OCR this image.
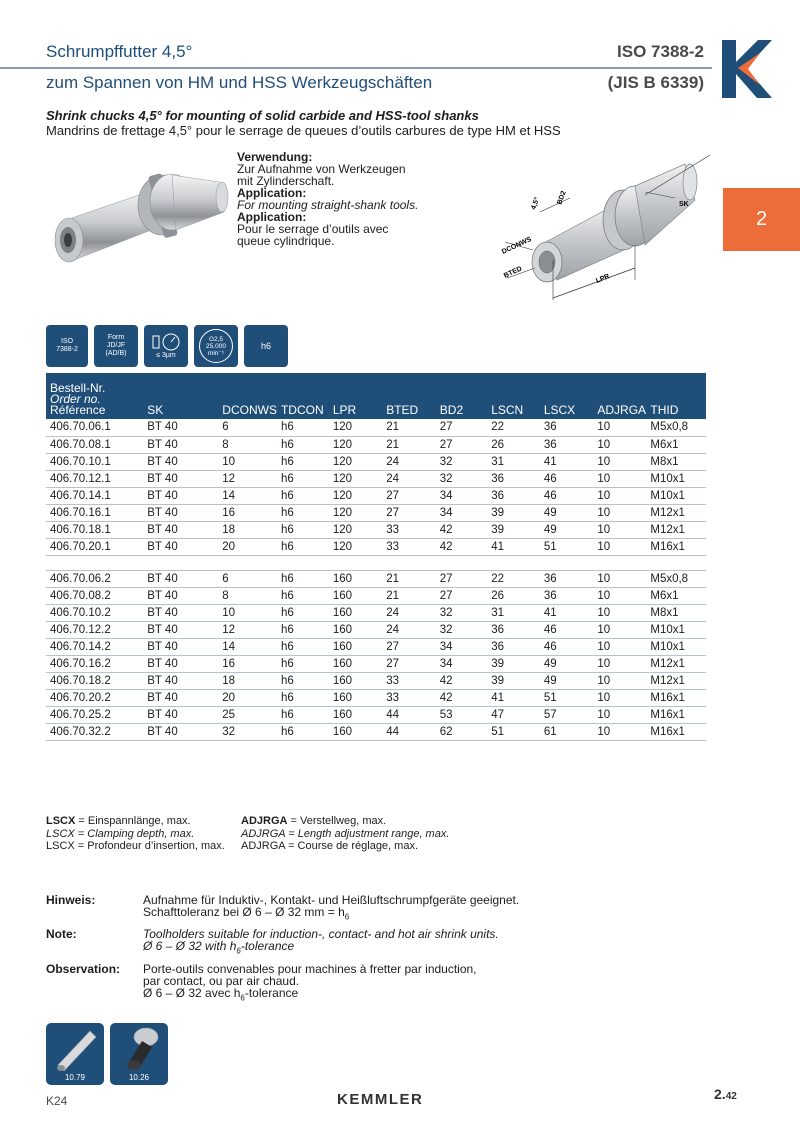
Schrumpffutter 4,5°	ISO 7388-2
zum Spannen von HM und HSS Werkzeugschäften	(JIS B 6339)
Shrink chucks 4,5° for mounting of solid carbide and HSS-tool shanks
Mandrins de frettage 4,5° pour le serrage de queues d’outils carbures de type HM et HSS
2
Verwendung:
Zur Aufnahme von Werkzeugen
mit Zylinderschaft.
Application:
For mounting straight-shank tools.
Application:
Pour le serrage d’outils avec
queue cylindrique.
4,5° BD2	SK
DCONWS
BTED	LPR
ISO
7388-2
Form
JD/JF
(AD/B)	≤ 3µm
G2,5
25.000
min⁻¹
h6
Bestell-Nr.
Order no.
Référence	SK	DCONWS	TDCON	LPR	BTED	BD2	LSCN	LSCX	ADJRGA	THID
406.70.06.1	BT 40	6	h6	120	21	27	22	36	10	M5x0,8
406.70.08.1	BT 40	8	h6	120	21	27	26	36	10	M6x1
406.70.10.1	BT 40	10	h6	120	24	32	31	41	10	M8x1
406.70.12.1	BT 40	12	h6	120	24	32	36	46	10	M10x1
406.70.14.1	BT 40	14	h6	120	27	34	36	46	10	M10x1
406.70.16.1	BT 40	16	h6	120	27	34	39	49	10	M12x1
406.70.18.1	BT 40	18	h6	120	33	42	39	49	10	M12x1
406.70.20.1	BT 40	20	h6	120	33	42	41	51	10	M16x1

406.70.06.2	BT 40	6	h6	160	21	27	22	36	10	M5x0,8
406.70.08.2	BT 40	8	h6	160	21	27	26	36	10	M6x1
406.70.10.2	BT 40	10	h6	160	24	32	31	41	10	M8x1
406.70.12.2	BT 40	12	h6	160	24	32	36	46	10	M10x1
406.70.14.2	BT 40	14	h6	160	27	34	36	46	10	M10x1
406.70.16.2	BT 40	16	h6	160	27	34	39	49	10	M12x1
406.70.18.2	BT 40	18	h6	160	33	42	39	49	10	M12x1
406.70.20.2	BT 40	20	h6	160	33	42	41	51	10	M16x1
406.70.25.2	BT 40	25	h6	160	44	53	47	57	10	M16x1
406.70.32.2	BT 40	32	h6	160	44	62	51	61	10	M16x1
LSCX = Einspannlänge, max.	ADJRGA = Verstellweg, max.
LSCX = Clamping depth, max.	ADJRGA = Length adjustment range, max.
LSCX = Profondeur d’insertion, max.	ADJRGA = Course de réglage, max.
Hinweis:	Aufnahme für Induktiv-, Kontakt- und Heißluftschrumpfgeräte geeignet.
Schafttoleranz bei Ø 6 – Ø 32 mm = $h_6$
Note:	Toolholders suitable for induction-, contact- and hot air shrink units.
Ø 6 – Ø 32 with $h_6$-tolerance
Observation:	Porte-outils convenables pour machines à fretter par induction,
par contact, ou par air chaud.
Ø 6 – Ø 32 avec $h_6$-tolerance
10.79	10.26
K24	KEMMLER	2.42
